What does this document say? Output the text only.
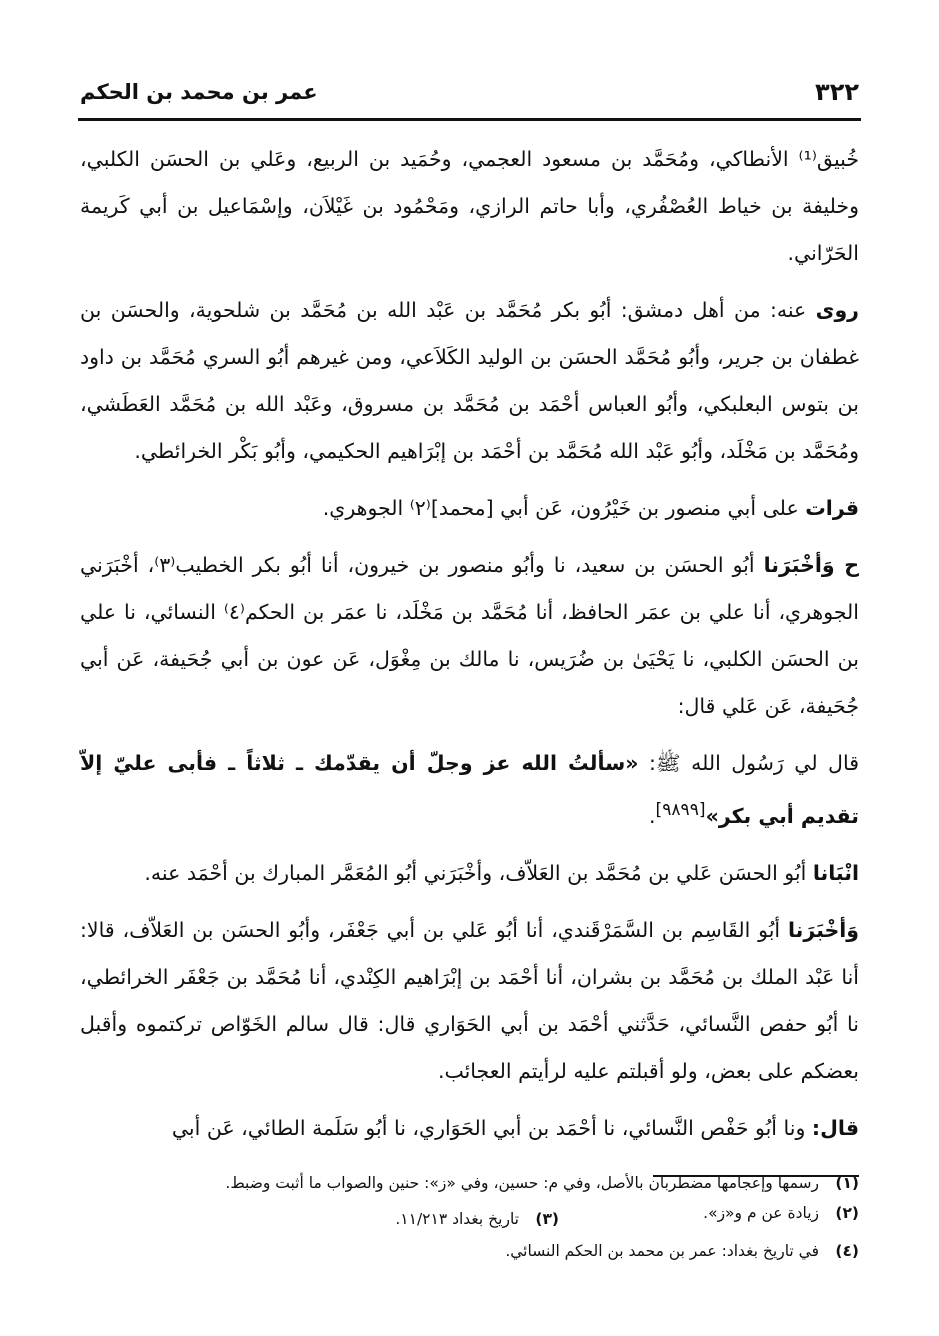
٣٢٢
عمر بن محمد بن الحكم

خُبيق⁽¹⁾ الأنطاكي، ومُحَمَّد بن مسعود العجمي، وحُمَيد بن الربيع، وعَلي بن الحسَن الكلبي، وخليفة بن خياط العُصْفُري، وأبا حاتم الرازي، ومَحْمُود بن غَيْلاَن، وإسْمَاعيل بن أبي كَريمة الحَرّاني.

روى عنه: من أهل دمشق: أبُو بكر مُحَمَّد بن عَبْد الله بن مُحَمَّد بن شلحوية، والحسَن بن غطفان بن جرير، وأبُو مُحَمَّد الحسَن بن الوليد الكَلاَعي، ومن غيرهم أبُو السري مُحَمَّد بن داود بن بتوس البعلبكي، وأبُو العباس أحْمَد بن مُحَمَّد بن مسروق، وعَبْد الله بن مُحَمَّد العَطَشي، ومُحَمَّد بن مَخْلَد، وأبُو عَبْد الله مُحَمَّد بن أحْمَد بن إبْرَاهيم الحكيمي، وأبُو بَكْر الخرائطي.

قرات على أبي منصور بن خَيْرُون، عَن أبي [محمد]⁽٢⁾ الجوهري.

ح وَأخْبَرَنا أبُو الحسَن بن سعيد، نا وأبُو منصور بن خيرون، أنا أبُو بكر الخطيب⁽٣⁾، أخْبَرَني الجوهري، أنا علي بن عمَر الحافظ، أنا مُحَمَّد بن مَخْلَد، نا عمَر بن الحكم⁽٤⁾ النسائي، نا علي بن الحسَن الكلبي، نا يَحْيَىٰ بن ضُرَيس، نا مالك بن مِغْوَل، عَن عون بن أبي جُحَيفة، عَن أبي جُحَيفة، عَن عَلي قال:

قال لي رَسُول الله ﷺ: «سألتُ الله عز وجلّ أن يقدّمك ـ ثلاثاً ـ فأبى عليّ إلاّ تقديم أبي بكر»[٩٨٩٩].

انْبَانا أبُو الحسَن عَلي بن مُحَمَّد بن العَلاّف، وأخْبَرَني أبُو المُعَمَّر المبارك بن أحْمَد عنه.

وَأخْبَرَنا أبُو القَاسِم بن السَّمَرْقَندي، أنا أبُو عَلي بن أبي جَعْفَر، وأبُو الحسَن بن العَلاّف، قالا: أنا عَبْد الملك بن مُحَمَّد بن بشران، أنا أحْمَد بن إبْرَاهيم الكِنْدي، أنا مُحَمَّد بن جَعْفَر الخرائطي، نا أبُو حفص النَّسائي، حَدَّثني أحْمَد بن أبي الحَوَاري قال: قال سالم الخَوّاص تركتموه وأقبل بعضكم على بعض، ولو أقبلتم عليه لرأيتم العجائب.

قال: ونا أبُو حَفْص النَّسائي، نا أحْمَد بن أبي الحَوَاري، نا أبُو سَلَمة الطائي، عَن أبي

(١)رسمها وإعجامها مضطربان بالأصل، وفي م: حسين، وفي «ز»: حنين والصواب ما أثبت وضبط.
(٢)زيادة عن م و«ز».
(٣)تاريخ بغداد ١١/٢١٣.
(٤)في تاريخ بغداد: عمر بن محمد بن الحكم النسائي.
